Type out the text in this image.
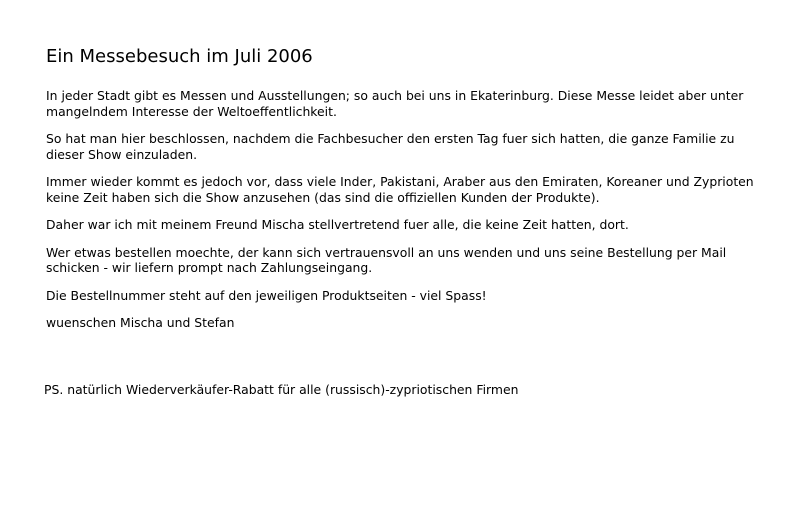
Ein Messebesuch im Juli 2006

In jeder Stadt gibt es Messen und Ausstellungen; so auch bei uns in Ekaterinburg. Diese Messe leidet aber unter mangelndem Interesse der Weltoeffentlichkeit.

So hat man hier beschlossen, nachdem die Fachbesucher den ersten Tag fuer sich hatten, die ganze Familie zu dieser Show einzuladen.

Immer wieder kommt es jedoch vor, dass viele Inder, Pakistani, Araber aus den Emiraten, Koreaner und Zyprioten keine Zeit haben sich die Show anzusehen (das sind die offiziellen Kunden der Produkte).

Daher war ich mit meinem Freund Mischa stellvertretend fuer alle, die keine Zeit hatten, dort.

Wer etwas bestellen moechte, der kann sich vertrauensvoll an uns wenden und uns seine Bestellung per Mail schicken - wir liefern prompt nach Zahlungseingang.

Die Bestellnummer steht auf den jeweiligen Produktseiten - viel Spass!

wuenschen Mischa und Stefan

PS. natürlich Wiederverkäufer-Rabatt für alle (russisch)-zypriotischen Firmen
